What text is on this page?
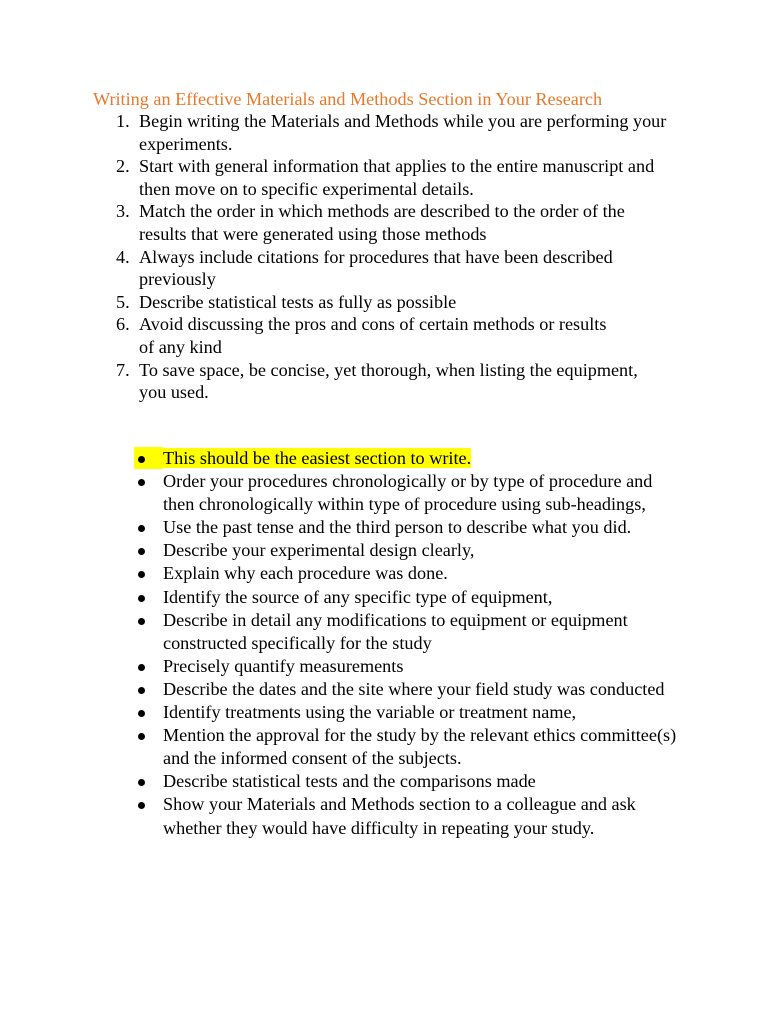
Writing an Effective Materials and Methods Section in Your Research
1. Begin writing the Materials and Methods while you are performing your experiments.
2. Start with general information that applies to the entire manuscript and then move on to specific experimental details.
3. Match the order in which methods are described to the order of the results that were generated using those methods
4. Always include citations for procedures that have been described previously
5. Describe statistical tests as fully as possible
6. Avoid discussing the pros and cons of certain methods or results
of any kind
7. To save space, be concise, yet thorough, when listing the equipment, you used.
This should be the easiest section to write.
Order your procedures chronologically or by type of procedure and then chronologically within type of procedure using sub-headings,
Use the past tense and the third person to describe what you did.
Describe your experimental design clearly,
Explain why each procedure was done.
Identify the source of any specific type of equipment,
Describe in detail any modifications to equipment or equipment constructed specifically for the study
Precisely quantify measurements
Describe the dates and the site where your field study was conducted
Identify treatments using the variable or treatment name,
Mention the approval for the study by the relevant ethics committee(s) and the informed consent of the subjects.
Describe statistical tests and the comparisons made
Show your Materials and Methods section to a colleague and ask whether they would have difficulty in repeating your study.
